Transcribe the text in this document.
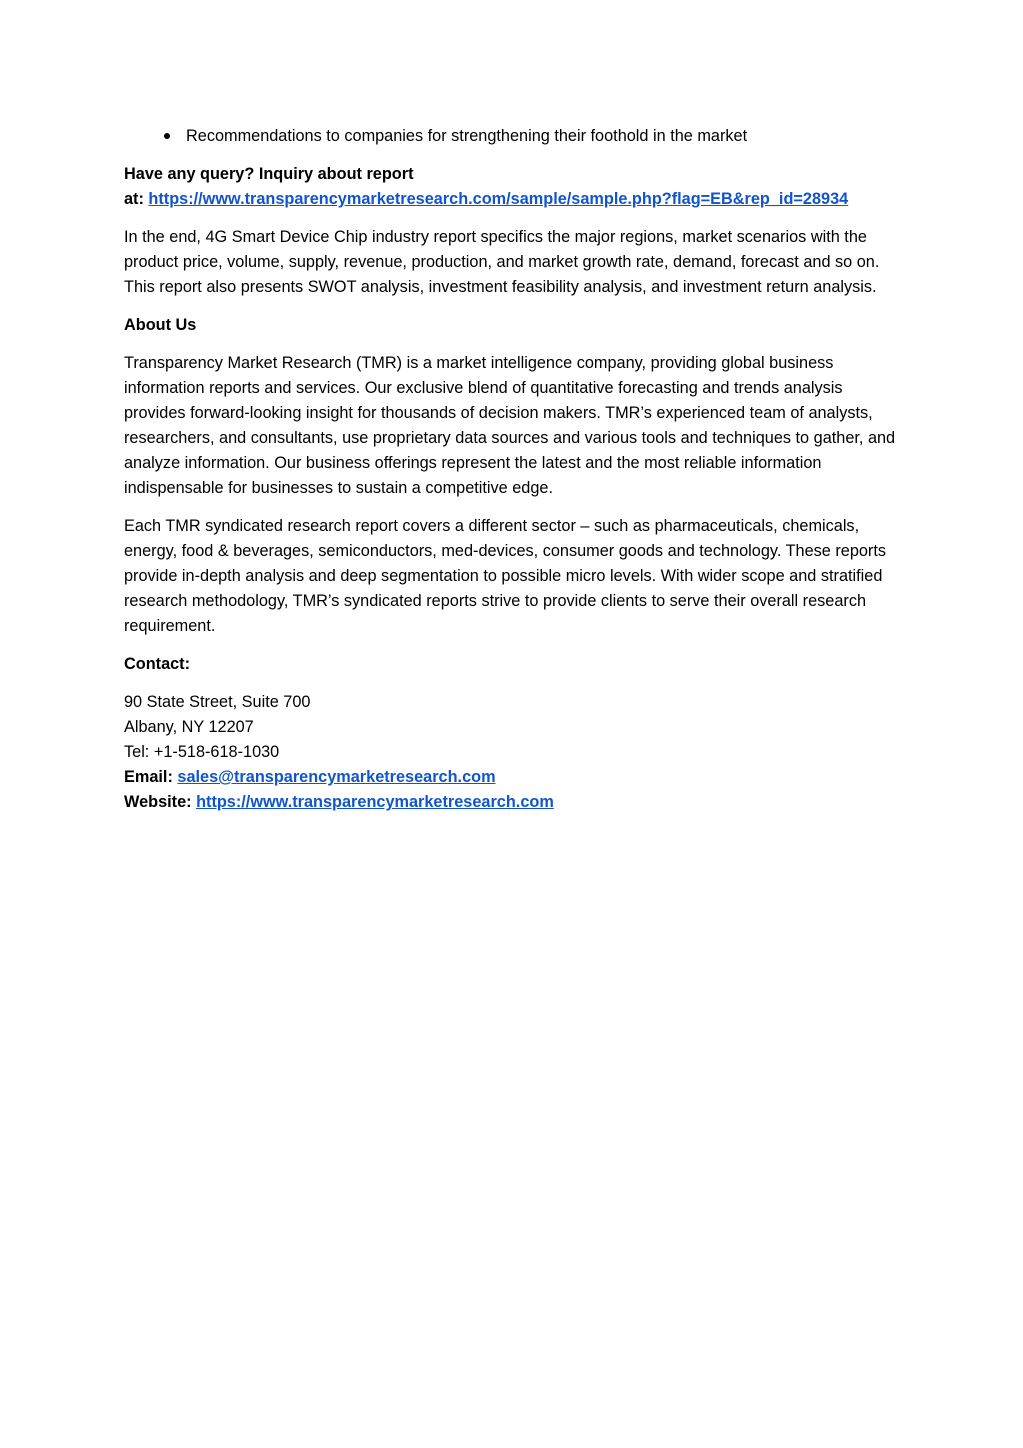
Recommendations to companies for strengthening their foothold in the market

Have any query? Inquiry about report
at: https://www.transparencymarketresearch.com/sample/sample.php?flag=EB&rep_id=28934

In the end, 4G Smart Device Chip industry report specifics the major regions, market scenarios with the product price, volume, supply, revenue, production, and market growth rate, demand, forecast and so on. This report also presents SWOT analysis, investment feasibility analysis, and investment return analysis.

About Us

Transparency Market Research (TMR) is a market intelligence company, providing global business information reports and services. Our exclusive blend of quantitative forecasting and trends analysis provides forward-looking insight for thousands of decision makers. TMR’s experienced team of analysts, researchers, and consultants, use proprietary data sources and various tools and techniques to gather, and analyze information. Our business offerings represent the latest and the most reliable information indispensable for businesses to sustain a competitive edge.

Each TMR syndicated research report covers a different sector – such as pharmaceuticals, chemicals, energy, food & beverages, semiconductors, med-devices, consumer goods and technology. These reports provide in-depth analysis and deep segmentation to possible micro levels. With wider scope and stratified research methodology, TMR’s syndicated reports strive to provide clients to serve their overall research requirement.

Contact:

90 State Street, Suite 700
Albany, NY 12207
Tel: +1-518-618-1030
Email: sales@transparencymarketresearch.com
Website: https://www.transparencymarketresearch.com
